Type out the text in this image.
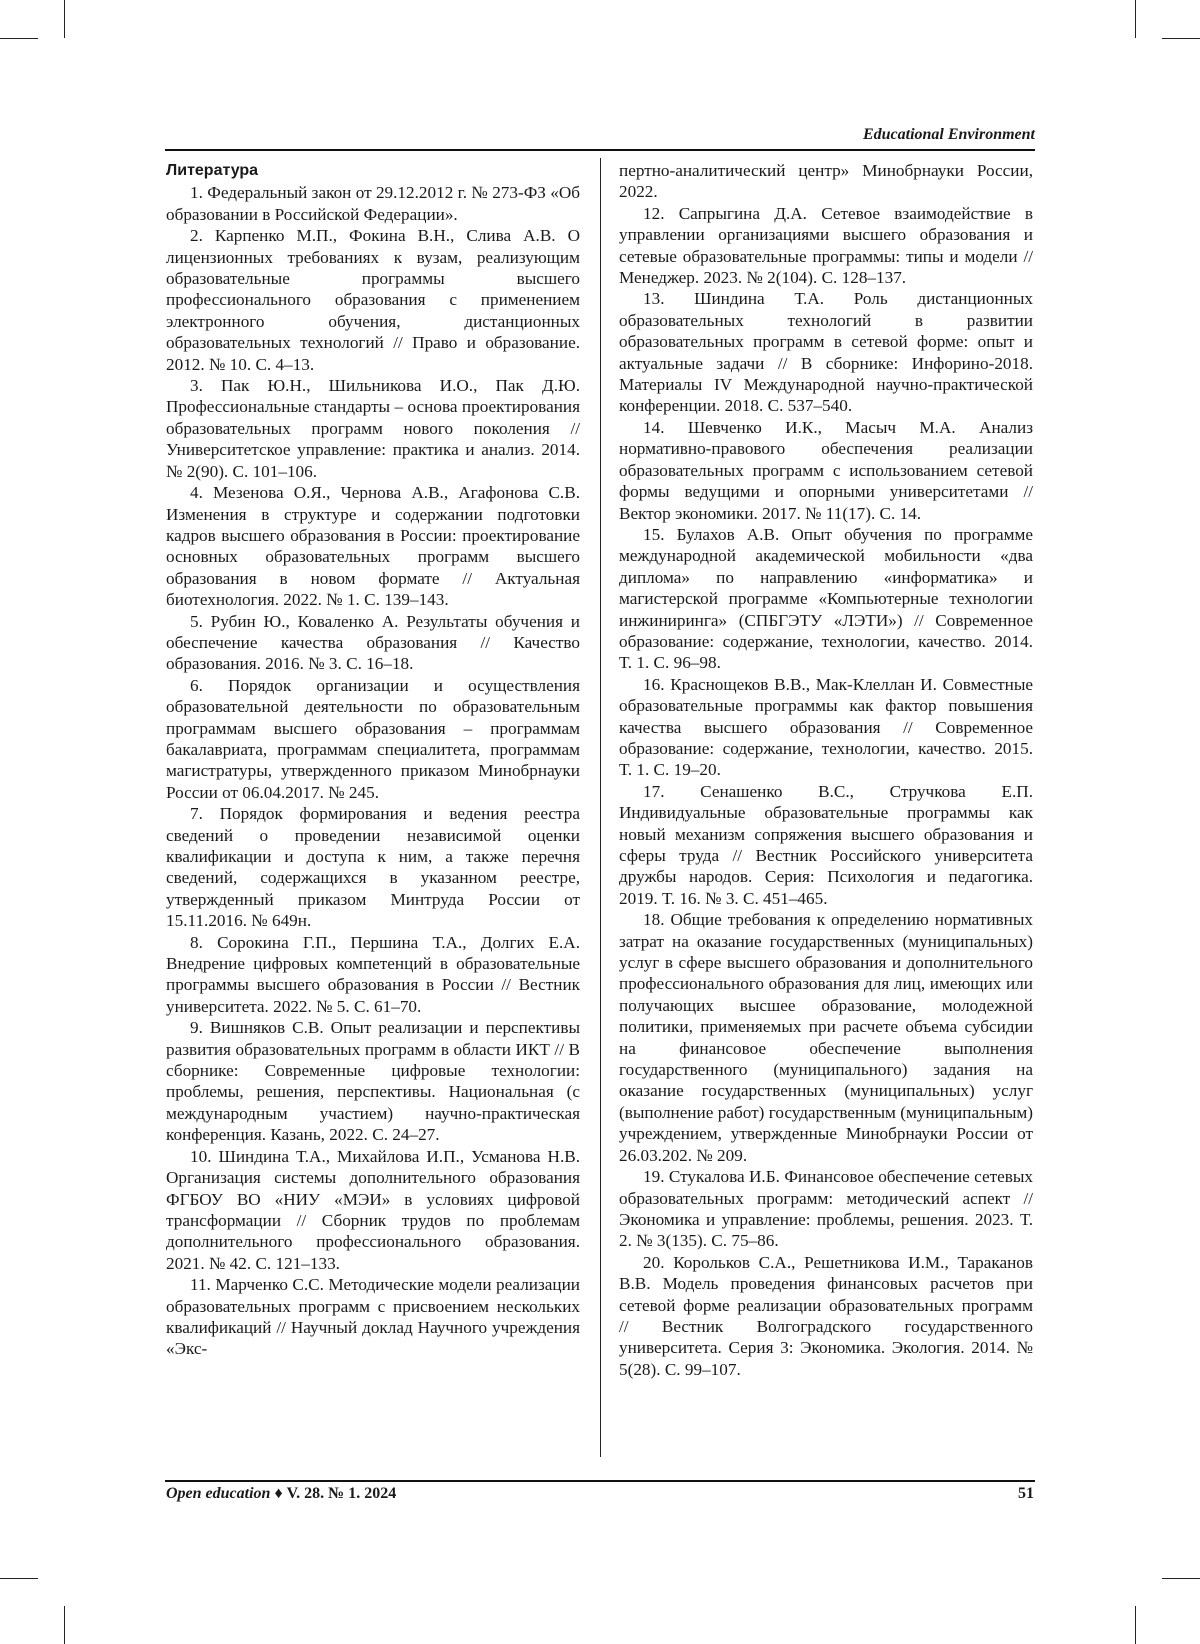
Educational Environment
Литература

1. Федеральный закон от 29.12.2012 г. № 273-ФЗ «Об образовании в Российской Федерации».

2. Карпенко М.П., Фокина В.Н., Слива А.В. О лицензионных требованиях к вузам, реализующим образовательные программы высшего профессионального образования с применением электронного обучения, дистанционных образовательных технологий // Право и образование. 2012. № 10. С. 4–13.

3. Пак Ю.Н., Шильникова И.О., Пак Д.Ю. Профессиональные стандарты – основа проектирования образовательных программ нового поколения // Университетское управление: практика и анализ. 2014. № 2(90). С. 101–106.

4. Мезенова О.Я., Чернова А.В., Агафонова С.В. Изменения в структуре и содержании подготовки кадров высшего образования в России: проектирование основных образовательных программ высшего образования в новом формате // Актуальная биотехнология. 2022. № 1. С. 139–143.

5. Рубин Ю., Коваленко А. Результаты обучения и обеспечение качества образования // Качество образования. 2016. № 3. С. 16–18.

6. Порядок организации и осуществления образовательной деятельности по образовательным программам высшего образования – программам бакалавриата, программам специалитета, программам магистратуры, утвержденного приказом Минобрнауки России от 06.04.2017. № 245.

7. Порядок формирования и ведения реестра сведений о проведении независимой оценки квалификации и доступа к ним, а также перечня сведений, содержащихся в указанном реестре, утвержденный приказом Минтруда России от 15.11.2016. № 649н.

8. Сорокина Г.П., Першина Т.А., Долгих Е.А. Внедрение цифровых компетенций в образовательные программы высшего образования в России // Вестник университета. 2022. № 5. С. 61–70.

9. Вишняков С.В. Опыт реализации и перспективы развития образовательных программ в области ИКТ // В сборнике: Современные цифровые технологии: проблемы, решения, перспективы. Национальная (с международным участием) научно-практическая конференция. Казань, 2022. С. 24–27.

10. Шиндина Т.А., Михайлова И.П., Усманова Н.В. Организация системы дополнительного образования ФГБОУ ВО «НИУ «МЭИ» в условиях цифровой трансформации // Сборник трудов по проблемам дополнительного профессионального образования. 2021. № 42. С. 121–133.

11. Марченко С.С. Методические модели реализации образовательных программ с присвоением нескольких квалификаций // Научный доклад Научного учреждения «Экс-

пертно-аналитический центр» Минобрнауки России, 2022.

12. Сапрыгина Д.А. Сетевое взаимодействие в управлении организациями высшего образования и сетевые образовательные программы: типы и модели // Менеджер. 2023. № 2(104). С. 128–137.

13. Шиндина Т.А. Роль дистанционных образовательных технологий в развитии образовательных программ в сетевой форме: опыт и актуальные задачи // В сборнике: Инфорино-2018. Материалы IV Международной научно-практической конференции. 2018. С. 537–540.

14. Шевченко И.К., Масыч М.А. Анализ нормативно-правового обеспечения реализации образовательных программ с использованием сетевой формы ведущими и опорными университетами // Вектор экономики. 2017. № 11(17). С. 14.

15. Булахов А.В. Опыт обучения по программе международной академической мобильности «два диплома» по направлению «информатика» и магистерской программе «Компьютерные технологии инжиниринга» (СПБГЭТУ «ЛЭТИ») // Современное образование: содержание, технологии, качество. 2014. Т. 1. С. 96–98.

16. Краснощеков В.В., Мак-Клеллан И. Совместные образовательные программы как фактор повышения качества высшего образования // Современное образование: содержание, технологии, качество. 2015. Т. 1. С. 19–20.

17. Сенашенко В.С., Стручкова Е.П. Индивидуальные образовательные программы как новый механизм сопряжения высшего образования и сферы труда // Вестник Российского университета дружбы народов. Серия: Психология и педагогика. 2019. Т. 16. № 3. С. 451–465.

18. Общие требования к определению нормативных затрат на оказание государственных (муниципальных) услуг в сфере высшего образования и дополнительного профессионального образования для лиц, имеющих или получающих высшее образование, молодежной политики, применяемых при расчете объема субсидии на финансовое обеспечение выполнения государственного (муниципального) задания на оказание государственных (муниципальных) услуг (выполнение работ) государственным (муниципальным) учреждением, утвержденные Минобрнауки России от 26.03.202. № 209.

19. Стукалова И.Б. Финансовое обеспечение сетевых образовательных программ: методический аспект // Экономика и управление: проблемы, решения. 2023. Т. 2. № 3(135). С. 75–86.

20. Корольков С.А., Решетникова И.М., Тараканов В.В. Модель проведения финансовых расчетов при сетевой форме реализации образовательных программ // Вестник Волгоградского государственного университета. Серия 3: Экономика. Экология. 2014. № 5(28). С. 99–107.

Open education ♦ V. 28. № 1. 2024	51
